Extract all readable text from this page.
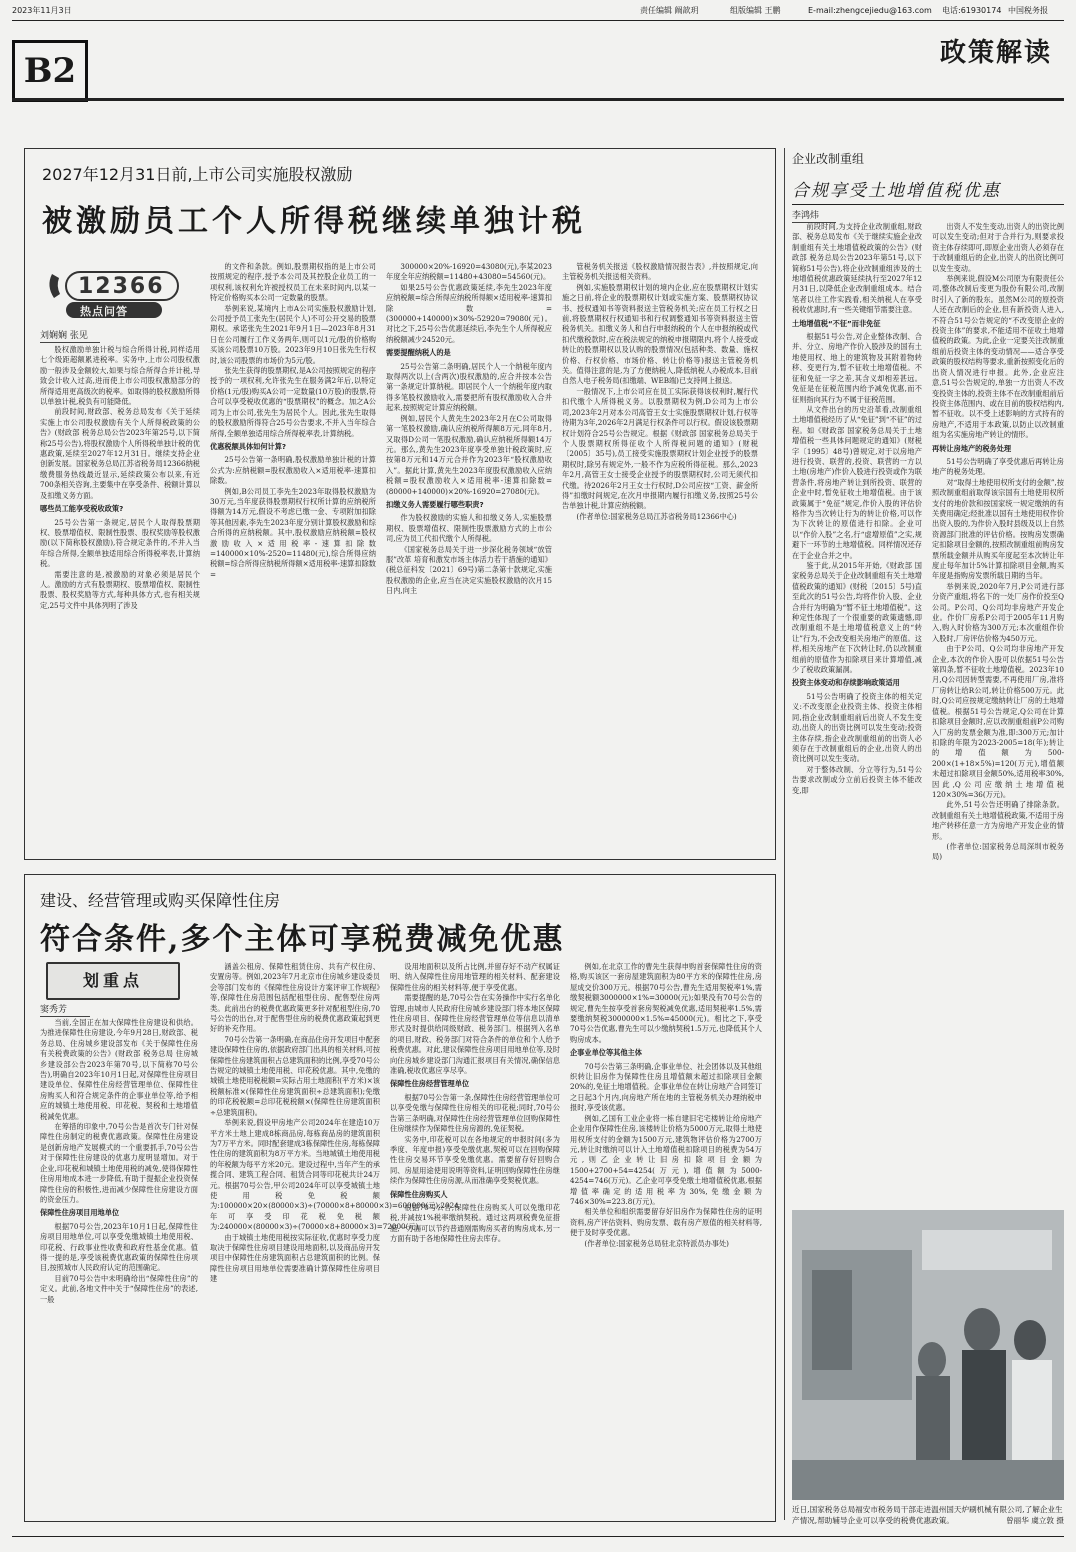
2023年11月3日	责任编辑 阚歆玥	组版编辑 王鹏	E-mail:zhengcejiedu@163.com 电话:61930174 中国税务报
B2	政策解读
2027年12月31日前,上市公司实施股权激励
被激励员工个人所得税继续单独计税
12366
热点问答
刘娴娴 张见

股权激励单独计税与综合所得计税,同样适用七个级距超额累进税率。实务中,上市公司股权激励一般涉及金额较大,如果与综合所得合并计税,导致会计收入过高,进而使上市公司股权激励部分的所得适用更高级次的税率。如取得的股权激励所得以单独计税,税负有可能降低。

前段时间,财政部、税务总局发布《关于延续实施上市公司股权激励有关个人所得税政策的公告》(财政部 税务总局公告2023年第25号,以下简称25号公告),将股权激励个人所得税单独计税的优惠政策,延续至2027年12月31日。继续支持企业创新发展。国家税务总局江苏省税务局12366纳税缴费服务热线最近显示,延续政策公布以来,有近700条相关咨询,主要集中在享受条件、税额计算以及扣缴义务方面。

哪些员工能享受税收政策?

25号公告第一条规定,居民个人取得股票期权、股票增值权、限制性股票、股权奖励等股权激励(以下简称股权激励),符合规定条件的,不并入当年综合所得,全额单独适用综合所得税率表,计算纳税。

需要注意的是,被激励的对象必须是居民个人。激励的方式有股票期权、股票增值权、限制性股票、股权奖励等方式,每种具体方式,也有相关规定,25号文件中具体列明了涉及

的文件和条款。例如,股票期权指的是上市公司按照规定的程序,授予本公司及其控股企业员工的一项权利,该权利允许被授权员工在未来时间内,以某一特定价格购买本公司一定数量的股票。

举例来说,某境内上市A公司实施股权激励计划,公司授予员工张先生(居民个人)不可公开交易的股票期权。承诺张先生2021年9月1日—2023年8月31日在公司履行工作义务两年,则可以1元/股的价格购买该公司股票10万股。2023年9月10日张先生行权时,该公司股票的市场价为5元/股。

张先生获得的股票期权,是A公司按照规定的程序授予的一项权利,允许张先生在服务满2年后,以特定价格(1元/股)购买A公司一定数量(10万股)的股票,符合可以享受税收优惠的“股票期权”的概念。加之A公司为上市公司,张先生为居民个人。因此,张先生取得的股权激励所得符合25号公告要求,不并入当年综合所得,全额单独适用综合所得税率表,计算纳税。

优惠税额具体如何计算?

25号公告第一条明确,股权激励单独计税的计算公式为:应纳税额=股权激励收入×适用税率-速算扣除数。

例如,B公司员工李先生2023年取得股权激励为30万元,当年度获得股票期权行权所计算的应纳税所得额为14万元,假设不考虑已缴一金、专项附加扣除等其他因素,李先生2023年度分别计算股权激励和综合所得的应纳税额。其中,股权激励应纳税额=股权激励收入×适用税率-速算扣除数=140000×10%-2520=11480(元),综合所得应纳税额=综合所得应纳税所得额×适用税率-速算扣除数=

300000×20%-16920=43080(元),李某2023年度全年应纳税额=11480+43080=54560(元)。

如果25号公告优惠政策延续,李先生2023年度应纳税额=综合所得应纳税所得额×适用税率-速算扣除数=(300000+140000)×30%-52920=79080(元)。对比之下,25号公告优惠延续后,李先生个人所得税应纳税额减少24520元。

需要提醒纳税人的是

25号公告第二条明确,居民个人一个纳税年度内取得两次以上(含两次)股权激励的,应合并按本公告第一条规定计算纳税。即居民个人一个纳税年度内取得多笔股权激励收入,需要把所有股权激励收入合并起来,按照规定计算应纳税额。

例如,居民个人黄先生2023年2月在C公司取得第一笔股权激励,确认应纳税所得额8万元,同年8月,又取得D公司一笔股权激励,确认应纳税所得额14万元。那么,黄先生2023年度享受单独计税政策时,应按第8万元和14万元合并作为2023年“股权激励收入”。据此计算,黄先生2023年度股权激励收入应纳税额=股权激励收入×适用税率-速算扣除数=(80000+140000)×20%-16920=27080(元)。

扣缴义务人需要履行哪些职责?

作为股权激励的实施人和扣缴义务人,实施股票期权、股票增值权、限制性股票激励方式的上市公司,应为员工代扣代缴个人所得税。

《国家税务总局关于进一步深化税务领域“放管服”改革 培育和激发市场主体活力若干措施的通知》(税总征科发〔2021〕69号)第二条第十款规定,实施股权激励的企业,应当在决定实施股权激励的次月15日内,向主

管税务机关报送《股权激励情况报告表》,并按照规定,向主管税务机关报送相关资料。

例如,实施股票期权计划的境内企业,应在股票期权计划实施之日前,将企业的股票期权计划或实施方案、股票期权协议书、授权通知书等资料报送主管税务机关;应在员工行权之日前,将股票期权行权通知书和行权调整通知书等资料报送主管税务机关。扣缴义务人和自行申报纳税的个人在申报纳税或代扣代缴税款时,应在税法规定的纳税申报期限内,将个人接受或转让的股票期权以及认购的股票情况(包括种类、数量、施权价格、行权价格、市场价格、转让价格等)报送主管税务机关。值得注意的是,为了方便纳税人,降低纳税人办税成本,目前自然人电子税务局(扣缴端、WEB端)已支持网上报送。

一般情况下,上市公司应在员工实际获得该权利时,履行代扣代缴个人所得税义务。以股票期权为例,D公司为上市公司,2023年2月对本公司高管王女士实施股票期权计划,行权等待期为3年,2026年2月满足行权条件可以行权。假设该股票期权计划符合25号公告规定。根据《财政部 国家税务总局关于个人股票期权所得征收个人所得税问题的通知》(财税〔2005〕35号),员工接受实施股票期权计划企业授予的股票期权时,除另有规定外,一般不作为应税所得征税。那么,2023年2月,高管王女士接受企业授予的股票期权时,公司无须代扣代缴。待2026年2月王女士行权时,D公司应按“工资、薪金所得”扣缴时间规定,在次月申报期内履行扣缴义务,按照25号公告单独计税,计算应纳税额。

(作者单位:国家税务总局江苏省税务局12366中心)

建设、经营管理或购买保障性住房
符合条件,多个主体可享税费减免优惠
划重点
窦秀芳

当前,全国正在加大保障性住房建设和供给。为推进保障性住房建设,今年9月28日,财政部、税务总局、住房城乡建设部发布《关于保障性住房有关税费政策的公告》(财政部 税务总局 住房城乡建设部公告2023年第70号,以下简称70号公告),明确自2023年10月1日起,对保障性住房项目建设单位、保障性住房经营管理单位、保障性住房购买人和符合规定条件的企事业单位等,给予相应的城镇土地使用税、印花税、契税和土地增值税减免优惠。

在筹措的印象中,70号公告是首次专门针对保障性住房制定的税费优惠政策。保障性住房建设是创新房地产发展模式的一个重要抓手,70号公告对于保障性住房建设的优惠力度明显增加。对于企业,印花税和城镇土地使用税的减免,使得保障性住房用地成本进一步降低,有助于提振企业投资保障性住房的积极性,进而减少保障性住房建设方面的资金压力。

保障性住房项目用地单位

根据70号公告,2023年10月1日起,保障性住房项目用地单位,可以享受免缴城镇土地使用税、印花税、行政事业性收费和政府性基金优惠。值得一提的是,享受该税费优惠政策的保障性住房项目,按照城市人民政府认定的范围确定。

目前70号公告中未明确给出“保障性住房”的定义。此前,各地文件中关于“保障性住房”的表述,一般

涵盖公租房、保障性租赁住房、共有产权住房、安置房等。例如,2023年7月北京市住房城乡建设委员会等部门发布的《保障性住房设计方案评审工作规程》等,保障性住房范围包括配租型住房、配售型住房两类。此前出台的税费优惠政策更多针对配租型住房,70号公告的出台,对于配售型住房的税费优惠政策起到更好的补充作用。

70号公告第一条明确,在商品住房开发项目中配套建设保障性住房的,依据政府部门出具的相关材料,可按保障性住房建筑面积占总建筑面积的比例,享受70号公告规定的城镇土地使用税、印花税优惠。其中,免缴的城镇土地使用税税额=实际占用土地面积(平方米)×该税额标准×(保障性住房建筑面积÷总建筑面积);免缴的印花税税额=总印花税税额×(保障性住房建筑面积÷总建筑面积)。

举例来说,假设甲房地产公司2024年在建造10万平方米土地上建成8栋商品房,每栋商品房的建筑面积为7万平方米。同时配套建成3栋保障性住房,每栋保障性住房的建筑面积为8万平方米。当地城镇土地使用税的年税额为每平方米20元。建设过程中,当年产生的承揽合同、建筑工程合同、租赁合同等印花税共计24万元。根据70号公告,甲公司2024年可以享受城镇土地使用税免税额为:100000×20×(80000×3)÷(70000×8+80000×3)=600000(元),2024年可享受印花税免税额为:240000×(80000×3)÷(70000×8+80000×3)=72000(元)。

由于城镇土地使用税按实际征收,优惠时享受力度取决于保障性住房项目建设用地面积,以及商品房开发项目中保障性住房建筑面积占总建筑面积的比例。保障性住房项目用地单位需要准确计算保障性住房项目建

设用地面积以及所占比例,并留存好不动产权属证明、纳入保障性住房用地管理的相关材料、配套建设保障性住房的相关材料等,便于享受优惠。

需要提醒的是,70号公告在实务操作中实行名单化管理,由城市人民政府住房城乡建设部门将本地区保障性住房项目、保障性住房经营管理单位等信息以清单形式及时提供给同级财政、税务部门。根据列入名单的项目,财政、税务部门对符合条件的单位和个人给予税费优惠。对此,建议保障性住房项目用地单位等,及时向住房城乡建设部门沟通汇报项目有关情况,确保信息准确,税收优惠应享尽享。

保障性住房经营管理单位

根据70号公告第一条,保障性住房经营管理单位可以享受免缴与保障性住房相关的印花税;同时,70号公告第三条明确,对保障性住房经营管理单位回购保障性住房继续作为保障性住房房源的,免征契税。

实务中,印花税可以在各地规定的申报时间(多为季度、年度申报)享受免缴优惠,契税可以在回购保障性住房交易环节享受免缴优惠。需要留存好回购合同、房屋用途使用说明等资料,证明回购保障性住房继续作为保障性住房房源,从而准确享受契税优惠。

保障性住房购买人

根据70号公告,保障性住房购买人可以免缴印花税,并减按1%税率缴纳契税。通过这两项税费免征措施,一方面可以节约普通刚需购房买者的购房成本,另一方面有助于各地保障性住房去库存。

例如,在北京工作的曹先生获得申购首套保障性住房的资格,购买该区一套房屋建筑面积为80平方米的保障性住房,房屋成交价300万元。根据70号公告,曹先生适用契税率1%,需缴契税额3000000×1%=30000(元);如果没有70号公告的规定,曹先生按享受首套房契税减免优惠,适用契税率1.5%,需要缴纳契税3000000×1.5%=45000(元)。相比之下,享受70号公告优惠,曹先生可以少缴纳契税1.5万元,也降低其个人购房成本。

企事业单位等其他主体

70号公告第三条明确,企事业单位、社会团体以及其他组织转让旧房作为保障性住房且增值额未超过扣除项目金额20%的,免征土地增值税。企事业单位在转让房地产合同签订之日起3个月内,向房地产所在地的主管税务机关办理纳税申报时,享受该优惠。

例如,乙国有工业企业将一栋自建旧宅宅楼转让给房地产企业用作保障性住房,该楼转让价格为5000万元,取得土地使用权所支付的金额为1500万元,建筑物评估价格为2700万元,转让时缴纳可以计入土地增值税扣除项目的税费为54万元,则乙企业转让旧房扣除项目金额为1500+2700+54=4254(万元),增值额为5000-4254=746(万元)。乙企业可享受免缴土地增值税优惠,根据增值率确定的适用税率为30%,免缴金额为746×30%=223.8(万元)。

相关单位和组织需要留存好旧房作为保障性住房的证明资料,房产评估资料、购房发票、载有房产原值的相关材料等,便于及时享受优惠。

(作者单位:国家税务总局驻北京特派员办事处)

企业改制重组
合规享受土地增值税优惠
李鸿炜

前段时间,为支持企业改制重组,财政部、税务总局发布《关于继续实施企业改制重组有关土地增值税政策的公告》(财政部 税务总局公告2023年第51号,以下简称51号公告),将企业改制重组涉及的土地增值税优惠政策延续执行至2027年12月31日,以降低企业改制重组成本。结合笔者以往工作实践看,相关纳税人在享受税收优惠时,有一些关键细节需要注意。

土地增值税“不征”而非免征

根据51号公告,对企业整体改制、合并、分立、房地产作价入股涉及的国有土地使用权、地上的建筑物及其附着物转移、变更行为,暂不征收土地增值税。不征和免征一字之差,其含义却相差甚远。免征是在征税范围内给予减免优惠,而不征则指向其行为不属于征税范围。

从文件出台的历史沿革看,改制重组土地增值税经历了从“免征”到“不征”的过程。如《财政部 国家税务总局关于土地增值税一些具体问题规定的通知》(财税字〔1995〕48号)曾规定,对于以房地产进行投资、联营的,投资、联营的一方以土地(房地产)作价入股进行投资或作为联营条件,将房地产转让到所投资、联营的企业中时,暂免征收土地增值税。由于该政策属于“免征”规定,作价入股的评估价格作为当次转让行为的转让价格,可以作为下次转让的原值进行扣除。企业可以“作价入股”之名,行“虚增原值”之实,规避下一环节的土地增值税。同样情况还存在于企业合并之中。

鉴于此,从2015年开始,《财政部 国家税务总局关于企业改制重组有关土地增值税政策的通知》(财税〔2015〕5号)直至此次的51号公告,均将作价入股、企业合并行为明确为“暂不征土地增值税”。这种定性体现了一个很重要的政策遗憾,即改制重组不是土地增值税意义上的“转让”行为,不会改变相关房地产的原值。这样,相关房地产在下次转让时,仍以改制重组前的原值作为扣除项目来计算增值,减少了税收政策漏洞。

投资主体变动和存续影响政策适用

51号公告明确了投资主体的相关定义:不改变原企业投资主体、投资主体相同,指企业改制重组前后出资人不发生变动,出资人的出资比例可以发生变动;投资主体存续,指企业改制重组前的出资人必须存在于改制重组后的企业,出资人的出资比例可以发生变动。

对于整体改制、分立等行为,51号公告要求改制或分立前后投资主体不能改变,即

出资人不发生变动,出资人的出资比例可以发生变动;但对于合并行为,则要求投资主体存续即可,即原企业出资人必须存在于改制重组后的企业,出资人的出资比例可以发生变动。

举例来说,假设M公司原为有限责任公司,整体改制后变更为股份有限公司,改制时引入了新的股东。虽然M公司的原投资人还在改制后的企业,但有新投资人进入,不符合51号公告规定的“不改变原企业的投资主体”的要求,不能适用不征收土地增值税的政策。为此,企业一定要关注改制重组前后投资主体的变动情况——适合享受政策的股权结构等要求,重新按照变化后的出资人情况进行申报。此外,企业应注意,51号公告规定的,单独一方出资人不改变投资主体的,投资主体不在改制重组前后投资主体范围内、或在目前的股权结构内,暂不征收。以不受上述影响的方式持有的房地产,不适用于本政策,以防止以改制重组为名实施房地产转让的情形。

再转让房地产的税务处理

51号公告明确了享受优惠后再转让房地产的税务处理。

对“取得土地使用权所支付的金额”,按照改制重组前取得该宗国有土地使用权所支付的地价款和按国家统一规定缴纳的有关费用确定;经批准以国有土地使用权作价出资入股的,为作价入股时县级及以上自然资源部门批准的评估价格。按购房发票确定扣除项目金额的,按照改制重组前购房发票所载金额并从购买年度起至本次转让年度止每年加计5%计算扣除项目金额,购买年度是指购房发票所载日期的当年。

举例来说,2020年7月,P公司进行部分资产重组,将名下的一处厂房作价投至Q公司。P公司、Q公司均非房地产开发企业。作价厂房系P公司于2005年11月购入,购入时价格为300万元;本次重组作价入股时,厂房评估价格为450万元。

由于P公司、Q公司均非房地产开发企业,本次的作价入股可以依据51号公告第四条,暂不征收土地增值税。2023年10月,Q公司因转型需要,不再使用厂房,准将厂房转让给R公司,转让价格500万元。此时,Q公司应按规定缴纳转让厂房的土地增值税。根据51号公告规定,Q公司在计算扣除项目金额时,应以改制重组前P公司购入厂房的发票金额为准,即:300万元;加计扣除的年限为2023-2005=18(年);转让的增值额为500-200×(1+18×5%)=120(万元),增值额未超过扣除项目金额50%,适用税率30%,因此,Q公司应缴纳土地增值税120×30%=36(万元)。

此外,51号公告还明确了排除条款。改制重组有关土地增值税政策,不适用于房地产转移任意一方为房地产开发企业的情形。

(作者单位:国家税务总局深圳市税务局)

近日,国家税务总局福安市税务局干部走进温州国天炉刷机械有限公司,了解企业生产情况,帮助辅导企业可以享受的税费优惠政策。	曾丽华 虞立敦 摄
